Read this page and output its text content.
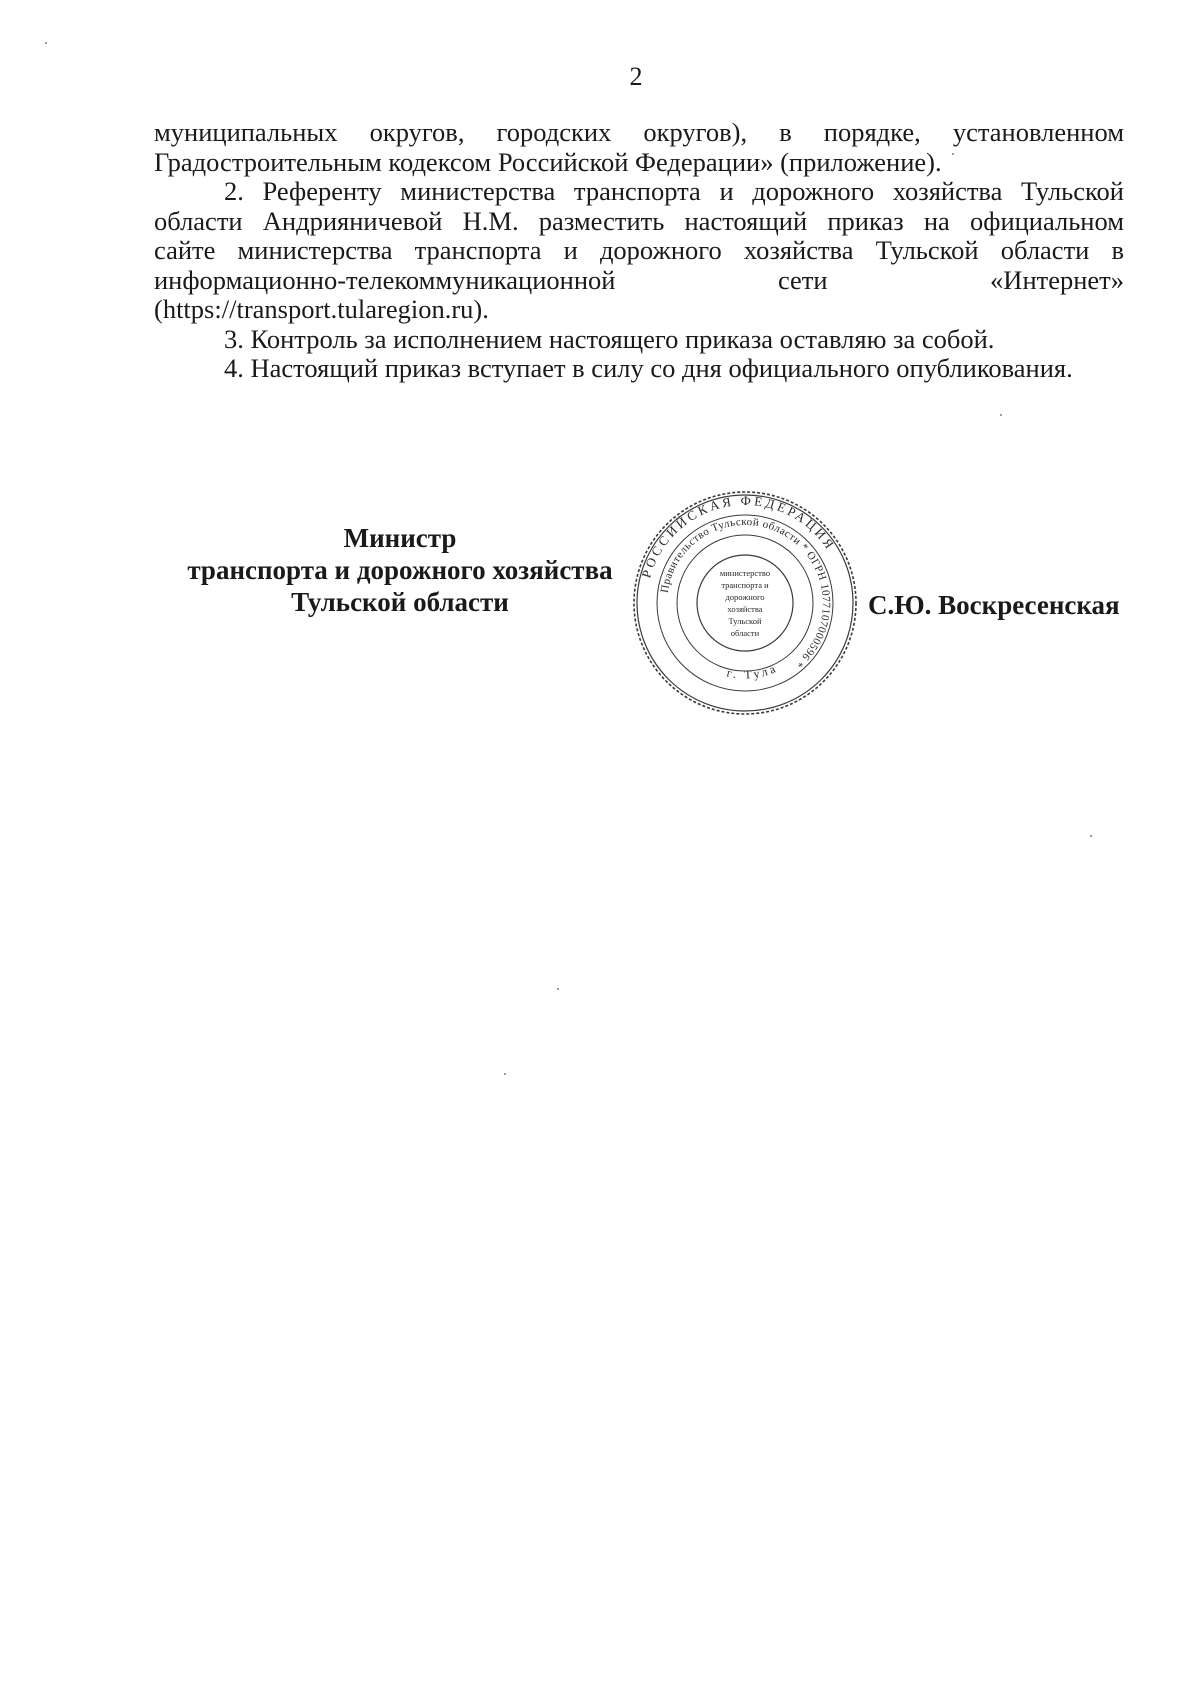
2

муниципальных округов, городских округов), в порядке, установленном
Градостроительным кодексом Российской Федерации» (приложение).

2. Референту министерства транспорта и дорожного хозяйства Тульской
области Андрияничевой Н.М. разместить настоящий приказ на официальном
сайте министерства транспорта и дорожного хозяйства Тульской области в
информационно-телекоммуникационной сети «Интернет»
(https://transport.tularegion.ru).

3. Контроль за исполнением настоящего приказа оставляю за собой.

4. Настоящий приказ вступает в силу со дня официального опубликования.

Министр
транспорта и дорожного хозяйства
Тульской области
РОССИЙСКАЯ ФЕДЕРАЦИЯ
Правительство Тульской области * ОГРН 1077107000596 *
г. Тула
министерство
транспорта и
дорожного
хозяйства
Тульской
области
С.Ю. Воскресенская
